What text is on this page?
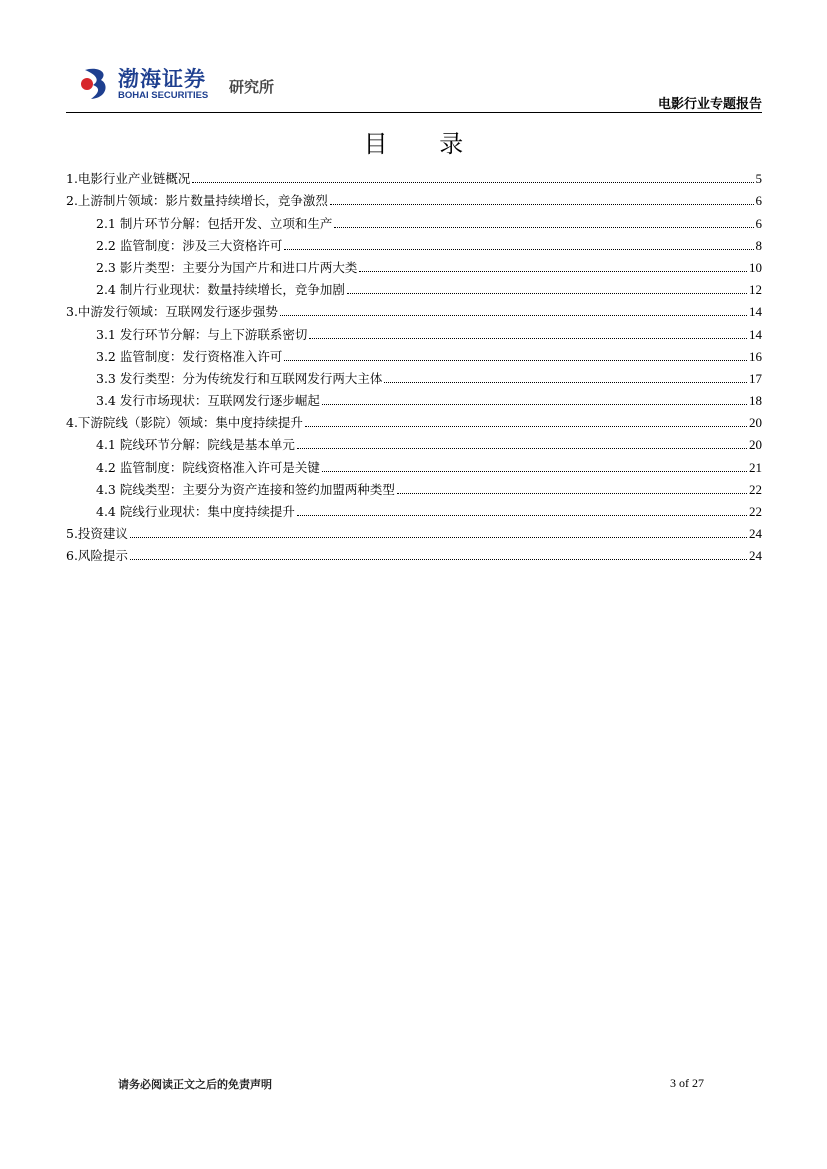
渤海证券
BOHAI SECURITIES 研究所
电影行业专题报告
目 录
1.电影行业产业链概况	5
2.上游制片领域：影片数量持续增长，竞争激烈	6
2.1 制片环节分解：包括开发、立项和生产	6
2.2 监管制度：涉及三大资格许可	8
2.3 影片类型：主要分为国产片和进口片两大类	10
2.4 制片行业现状：数量持续增长，竞争加剧	12
3.中游发行领域：互联网发行逐步强势	14
3.1 发行环节分解：与上下游联系密切	14
3.2 监管制度：发行资格准入许可	16
3.3 发行类型：分为传统发行和互联网发行两大主体	17
3.4 发行市场现状：互联网发行逐步崛起	18
4.下游院线（影院）领域：集中度持续提升	20
4.1 院线环节分解：院线是基本单元	20
4.2 监管制度：院线资格准入许可是关键	21
4.3 院线类型：主要分为资产连接和签约加盟两种类型	22
4.4 院线行业现状：集中度持续提升	22
5.投资建议	24
6.风险提示	24
请务必阅读正文之后的免责声明	3 of 27
